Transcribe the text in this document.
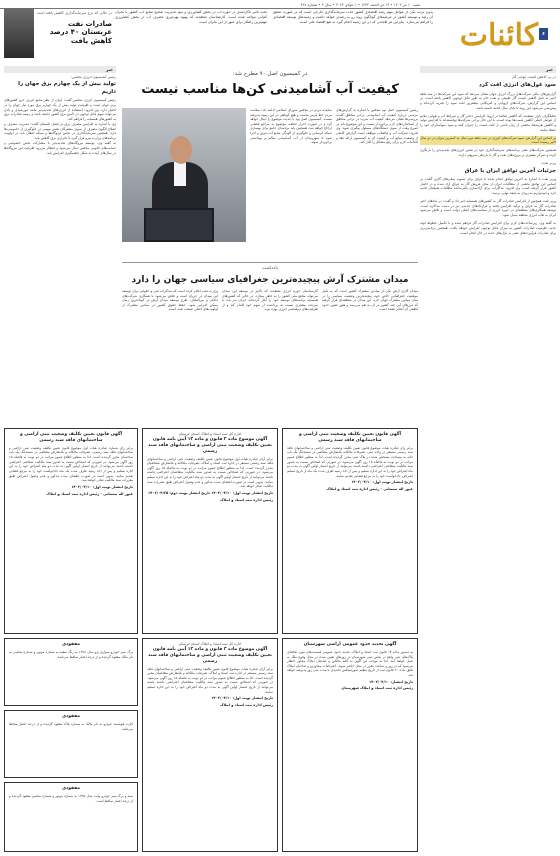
شنبه ۱۰ تیر ۱۴۰۲ • ۱۳ ذی الحجه ۱۴۴۴ • ۱ جولای ۲۰۲۳ • سال ۲ • شماره ۴۲۸
۶
کائنات
بدون تردید یکی از عوامل مهم رشد اقتصادی کشور جذب سرمایه‌گذاری خارجی است که در صورت تحقق آن رشد و توسعه کشور در عرصه‌های گوناگون روند رو به رشدی خواهد داشت و زمینه‌های توسعه اقتصادی را فراهم می‌سازد. بنابراین هر اقدامی که در این زمینه انجام گیرد به نفع اقتصاد ملی است.
تحت تأثیر ناکارآمدی در حوزه آب در بخش کشاورزی و نبود مدیریت صحیح منابع آب، کشور با بحران کم‌آبی مواجه شده است. کارشناسان معتقدند که بهبود بهره‌وری مصرف آب در بخش کشاورزی مهم‌ترین راهکار برای عبور از این بحران است.
در حالی که نرخ سرمایه‌گذاری کاهش یافته است
صادرات نفت عربستان ۴۰ درصد کاهش یافت
خبر
رئیس کمیسیون انرژی مجلس:
تولید بیش از یک چهارم برق جهان را داریم

رئیس کمیسیون انرژی مجلس گفت: ایران از نظر منابع انرژی جزو کشورهای برتر جهان است و ظرفیت تولید بیش از یک چهارم برق مورد نیاز جهان را در اختیار دارد. وی افزود: استفاده از انرژی‌های تجدیدپذیر مانند خورشیدی و بادی می‌تواند سهم قابل توجهی در تأمین برق کشور داشته باشد و زمینه صادرات برق به کشورهای همسایه را فراهم کند.

وی با اشاره به افزایش مصرف برق در فصل تابستان گفت: مدیریت مصرف و اصلاح الگوی مصرف از سوی مشترکان نقش مهمی در جلوگیری از خاموشی‌ها دارد. همچنین سرمایه‌گذاری در بخش نیروگاه‌ها و شبکه انتقال باید در اولویت برنامه‌های وزارت نیرو قرار گیرد تا ناترازی برق کاهش یابد.

به گفته وی، توسعه نیروگاه‌های تجدیدپذیر با مشارکت بخش خصوصی و حمایت‌های قانونی مجلس دنبال می‌شود و انتظار می‌رود ظرفیت این نیروگاه‌ها در سال‌های آینده به شکل چشمگیری افزایش یابد.

در کمیسیون اصل ۹۰ مطرح شد:
کیفیت آب آشامیدنی کن‌ها مناسب نیست
رئیس کمیسیون اصل نود مجلس با اشاره به گزارش‌های مردمی درباره کیفیت آب آشامیدنی برخی مناطق گفت: بررسی‌ها نشان می‌دهد کیفیت آب شرب در برخی مناطق از استانداردهای لازم برخوردار نیست و این موضوع باید در اسرع وقت از سوی دستگاه‌های مسئول پیگیری شود. وی افزود: شرکت آب و فاضلاب موظف است گزارش کاملی از وضعیت منابع آب و کیفیت آن به کمیسیون ارائه دهد و اقدامات لازم برای رفع مشکل را آغاز کند.
نماینده مردم در مجلس شورای اسلامی ادامه داد: سلامت مردم خط قرمز ماست و هیچ کوتاهی در این زمینه پذیرفته نیست. کمیسیون اصل نود با جدیت موضوع را دنبال خواهد کرد و در صورت احراز تخلف، موضوع به مراجع قضایی ارجاع خواهد شد. همچنین باید برنامه‌ای جامع برای بهسازی شبکه آبرسانی و جلوگیری از آلودگی منابع آب تدوین و اجرا شود تا شهروندان از آب آشامیدنی سالم و بهداشتی برخوردار شوند.
یادداشت
میدان مشترک آرش پیچیده‌ترین جغرافیای سیاسی جهان را دارد
میدان گازی آرش یکی از میادین مشترک کشور است که به دلیل موقعیت جغرافیایی خاص خود، پیچیده‌ترین وضعیت سیاسی را در میان میادین مشترک جهان دارد. این میدان در منطقه‌ای قرار گرفته که مرزهای آبی چند کشور در آن به هم می‌رسد و هنوز تعیین حدود قطعی آن انجام نشده است.
کارشناسان حوزه انرژی معتقدند که تأخیر در توسعه این میدان می‌تواند منافع ملی کشور را به خطر بیندازد. در حالی که کشورهای همسایه برنامه‌های توسعه خود را آغاز کرده‌اند، ایران نیز باید با سرعت بیشتری نسبت به برداشت از سهم خود اقدام کند و از ظرفیت‌های دیپلماسی انرژی بهره ببرد.
وزارت نفت اعلام کرده است که مذاکرات فنی و حقوقی برای توسعه این میدان در جریان است و تلاش می‌شود با همکاری شرکت‌های داخلی و بین‌المللی، طرح توسعه میدان آرش در کوتاه‌ترین زمان ممکن اجرایی شود. حفظ حقوق کشور در میادین مشترک از اولویت‌های اصلی صنعت نفت است.
خبر
در پی کاهش قیمت جهانی گاز
سود غول‌های انرژی افت کرد

گزارش‌های مالی شرکت‌های بزرگ انرژی جهان نشان می‌دهد که سود این شرکت‌ها در سه ماهه اخیر به دلیل کاهش قیمت گاز طبیعی و نفت خام به طور قابل توجهی کاهش یافته است. بر اساس این گزارش، شرکت‌های اروپایی و آمریکایی بیشترین افت سود را تجربه کرده‌اند و پیش‌بینی می‌شود این روند تا پایان سال ادامه داشته باشد.

تحلیلگران بازار معتقدند که کاهش تقاضا در اروپا، افزایش ذخایر گاز و شرایط آب و هوایی ملایم از عوامل اصلی کاهش قیمت‌ها بوده است. با این حال برخی شرکت‌ها توانسته‌اند با افزایش تولید و کاهش هزینه‌ها، بخشی از زیان ناشی از افت قیمت را جبران کنند و سود سهامداران خود را حفظ نمایند.

بر اساس این گزارش، سود شرکت‌های انرژی در سه ماهه دوم سال به کمترین میزان در دو سال اخیر رسیده است.

همچنین شرکت‌های نفتی برنامه‌های سرمایه‌گذاری خود در بخش انرژی‌های تجدیدپذیر را بازنگری کرده و تمرکز بیشتری بر پروژه‌های نفت و گاز با بازدهی سریع‌تر دارند.

وزیر نفت:
جزئیات آخرین توافق ایران با عراق

وزیر نفت با اشاره به آخرین توافق انجام شده با عراق برای تسویه بدهی‌های گازی گفت: بر اساس این توافق بخشی از مطالبات ایران از محل فروش گاز به عراق آزاد شده و در اختیار کشور قرار گرفته است. وی افزود: مذاکرات برای آزادسازی باقی‌مانده مطالبات همچنان ادامه دارد و امیدواریم به زودی به نتیجه نهایی برسد.

وزیر نفت همچنین از افزایش صادرات گاز به کشورهای همسایه خبر داد و گفت: در ماه‌های اخیر صادرات گاز به عراق و ترکیه افزایش یافته و قراردادهای جدیدی نیز در دست مذاکره است. توسعه همکاری‌های منطقه‌ای در حوزه انرژی از سیاست‌های اصلی دولت است و تلاش می‌شود ایران به هاب انرژی منطقه تبدیل شود.

به گفته وی، زیرساخت‌های لازم برای افزایش صادرات گاز فراهم شده و با تکمیل خطوط لوله جدید، ظرفیت صادرات کشور به میزان قابل توجهی افزایش خواهد یافت. همچنین برنامه‌ریزی برای صادرات فرآورده‌های نفتی به بازارهای جدید در حال انجام است.

آگهی قانون تعیین تکلیف وضعیت ثبتی اراضی و ساختمانهای فاقد سند رسمی
برابر رای صادره هیات موضوع قانون تعیین تکلیف وضعیت ثبتی اراضی و ساختمانهای فاقد سند رسمی مستقر در واحد ثبتی، تصرفات مالکانه بلامعارض متقاضی در ششدانگ یک باب خانه به مساحت مشخص شده در پلاک ثبتی محرز گردیده است. لذا به منظور اطلاع عموم مراتب در دو نوبت به فاصله ۱۵ روز آگهی می‌شود، در صورتی که اشخاص نسبت به صدور سند مالکیت متقاضی اعتراضی داشته باشند می‌توانند از تاریخ انتشار اولین آگهی به مدت دو ماه اعتراض خود را به این اداره تسلیم و پس از اخذ رسید ظرف مدت یک ماه از تاریخ تسلیم اعتراض، دادخواست خود را به مرجع قضایی تقدیم نمایند.
تاریخ انتشار نوبت اول: ۱۴۰۲/۰۴/۱۰
غیور اله نیستانی - رئیس اداره ثبت اسناد و املاک
اداره کل ثبت اسناد و املاک استان لرستان
آگهی موضوع ماده ۳ قانون و ماده ۱۳ آیین نامه قانون تعیین تکلیف وضعیت ثبتی اراضی و ساختمانهای فاقد سند رسمی
برابر آرای صادره هیات اول موضوع قانون تعیین تکلیف وضعیت ثبتی اراضی و ساختمانهای فاقد سند رسمی مستقر در اداره ثبت اسناد و املاک، تصرفات مالکانه و بلامعارض متقاضیان محرز گردیده است. لذا به منظور اطلاع عموم مراتب در دو نوبت به فاصله ۱۵ روز آگهی می‌شود، در صورتی که اشخاص نسبت به صدور سند مالکیت متقاضیان اعتراضی داشته باشند می‌توانند از تاریخ انتشار اولین آگهی به مدت دو ماه اعتراض خود را به این اداره تسلیم نمایند. بدیهی است در صورت انقضای مدت مذکور و عدم وصول اعتراض طبق مقررات سند مالکیت صادر خواهد شد.
تاریخ انتشار نوبت اول: ۱۴۰۲/۰۴/۱۰ تاریخ انتشار نوبت دوم: ۱۴۰۲/۰۴/۲۵
رئیس اداره ثبت اسناد و املاک
آگهی قانون تعیین تکلیف وضعیت ثبتی اراضی و ساختمانهای فاقد سند رسمی
برابر رای شماره صادره هیات اول موضوع قانون تعیین تکلیف وضعیت ثبتی اراضی و ساختمانهای فاقد سند رسمی، تصرفات مالکانه و بلامعارض متقاضی در ششدانگ یک باب ساختمان محرز گردیده است. لذا به منظور اطلاع عموم مراتب در دو نوبت به فاصله ۱۵ روز آگهی می‌شود، در صورتی که اشخاص نسبت به صدور سند مالکیت متقاضی اعتراضی داشته باشند می‌توانند از تاریخ انتشار اولین آگهی به مدت دو ماه اعتراض خود را به این اداره تسلیم و پس از اخذ رسید ظرف مدت یک ماه دادخواست خود را به مرجع قضایی تقدیم نمایند. بدیهی است در صورت انقضای مدت مذکور و عدم وصول اعتراض طبق مقررات سند مالکیت صادر خواهد شد.
تاریخ انتشار نوبت اول: ۱۴۰۲/۰۴/۱۰
غیور اله نیستانی - رئیس اداره ثبت اسناد و املاک
مفقودی
برگ سبز خودرو سواری پژو مدل ۱۳۹۸ به رنگ سفید به شماره موتور و شماره شاسی به نام مالک مفقود گردیده و از درجه اعتبار ساقط می‌باشد.
اداره کل ثبت اسناد و املاک استان لرستان
آگهی موضوع ماده ۳ قانون و ماده ۱۳ آیین نامه قانون تعیین تکلیف وضعیت ثبتی اراضی و ساختمانهای فاقد سند رسمی
برابر آرای صادره هیات موضوع قانون تعیین تکلیف وضعیت ثبتی اراضی و ساختمانهای فاقد سند رسمی مستقر در اداره ثبت اسناد و املاک، تصرفات مالکانه و بلامعارض متقاضیان محرز گردیده است. لذا به منظور اطلاع عموم مراتب در دو نوبت به فاصله ۱۵ روز آگهی می‌شود، در صورتی که اشخاص نسبت به صدور سند مالکیت متقاضیان اعتراضی داشته باشند می‌توانند از تاریخ انتشار اولین آگهی به مدت دو ماه اعتراض خود را به این اداره تسلیم نمایند.
تاریخ انتشار نوبت اول: ۱۴۰۲/۰۴/۱۰
رئیس اداره ثبت اسناد و املاک
آگهی تحدید حدود عمومی اراضی شهرستان
به دستور ماده ۱۴ قانون ثبت اسناد و املاک، تحدید حدود عمومی قسمت‌های مورد تقاضای پلاک‌های ثبتی واقع در بخش ثبتی شهرستان در روزهای تعیین شده در محل وقوع ملک به عمل خواهد آمد. لذا به موجب این آگهی به کلیه مالکین و صاحبان املاک مجاور اخطار می‌شود که در روز و ساعت مقرر در محل حاضر شوند. اعتراضات مجاورین و صاحبان املاک طبق ماده ۲۰ قانون ثبت از تاریخ تنظیم صورتمجلس تحدیدی تا مدت سی روز پذیرفته خواهد شد.
تاریخ انتشار: ۱۴۰۲/۰۴/۱۰
رئیس اداره ثبت اسناد و املاک شهرستان
مفقودی
کارت هوشمند خودرو به نام مالک به شماره پلاک مفقود گردیده و از درجه اعتبار ساقط می‌باشد.
مفقودی
سند و برگ سبز خودرو وانت مدل ۱۳۹۵ به شماره موتور و شماره شاسی مفقود گردیده و از درجه اعتبار ساقط است.
